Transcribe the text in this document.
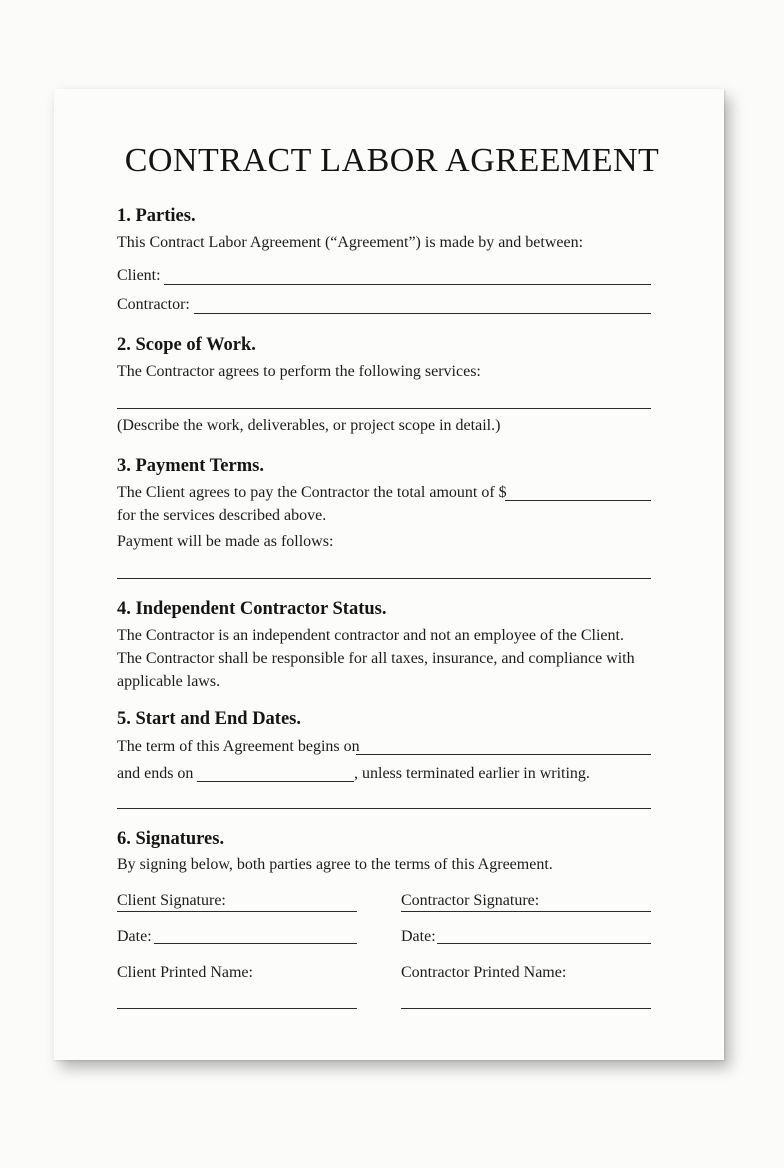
CONTRACT LABOR AGREEMENT
1. Parties.
This Contract Labor Agreement (“Agreement”) is made by and between:
Client:
Contractor:
2. Scope of Work.
The Contractor agrees to perform the following services:
(Describe the work, deliverables, or project scope in detail.)
3. Payment Terms.
The Client agrees to pay the Contractor the total amount of $
for the services described above.
Payment will be made as follows:
4. Independent Contractor Status.
The Contractor is an independent contractor and not an employee of the Client.
The Contractor shall be responsible for all taxes, insurance, and compliance with
applicable laws.
5. Start and End Dates.
The term of this Agreement begins on
and ends on	, unless terminated earlier in writing.
6. Signatures.
By signing below, both parties agree to the terms of this Agreement.
Client Signature:	Contractor Signature:
Date:	Date:
Client Printed Name:	Contractor Printed Name:
